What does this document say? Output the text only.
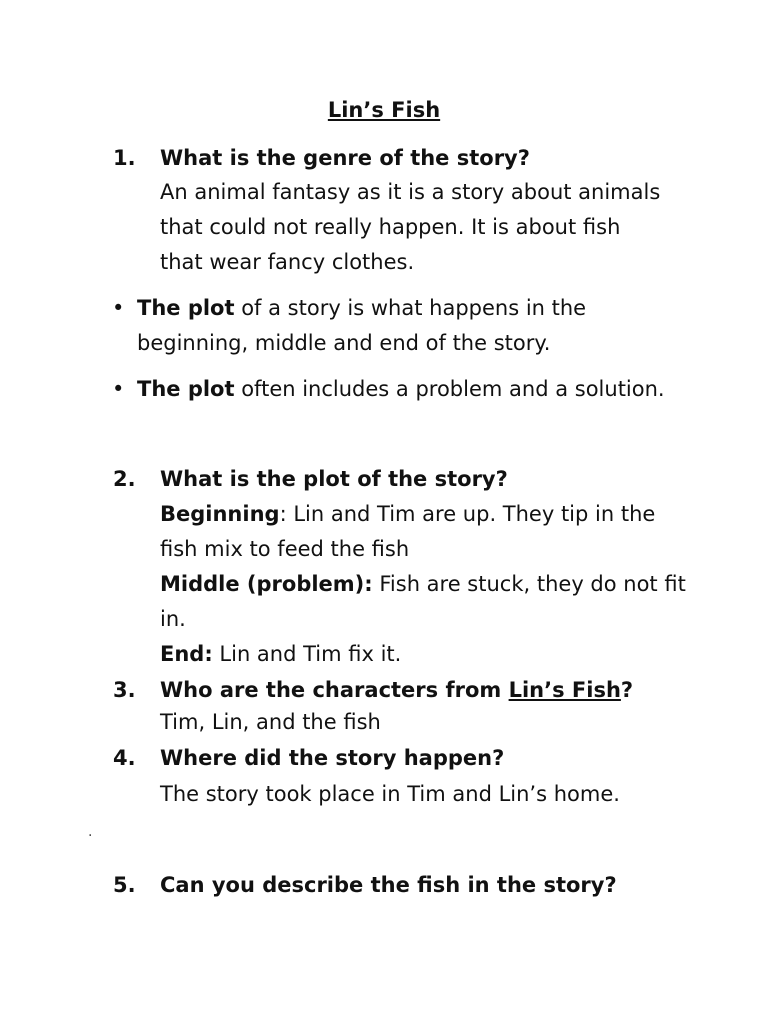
Lin’s Fish
1. What is the genre of the story?
An animal fantasy as it is a story about animals
that could not really happen. It is about fish
that wear fancy clothes.
• The plot of a story is what happens in the
beginning, middle and end of the story.
• The plot often includes a problem and a solution.
2. What is the plot of the story?
Beginning: Lin and Tim are up. They tip in the
fish mix to feed the fish
Middle (problem): Fish are stuck, they do not fit
in.
End: Lin and Tim fix it.
3. Who are the characters from Lin’s Fish?
Tim, Lin, and the fish
4. Where did the story happen?
The story took place in Tim and Lin’s home.
·
5. Can you describe the fish in the story?
